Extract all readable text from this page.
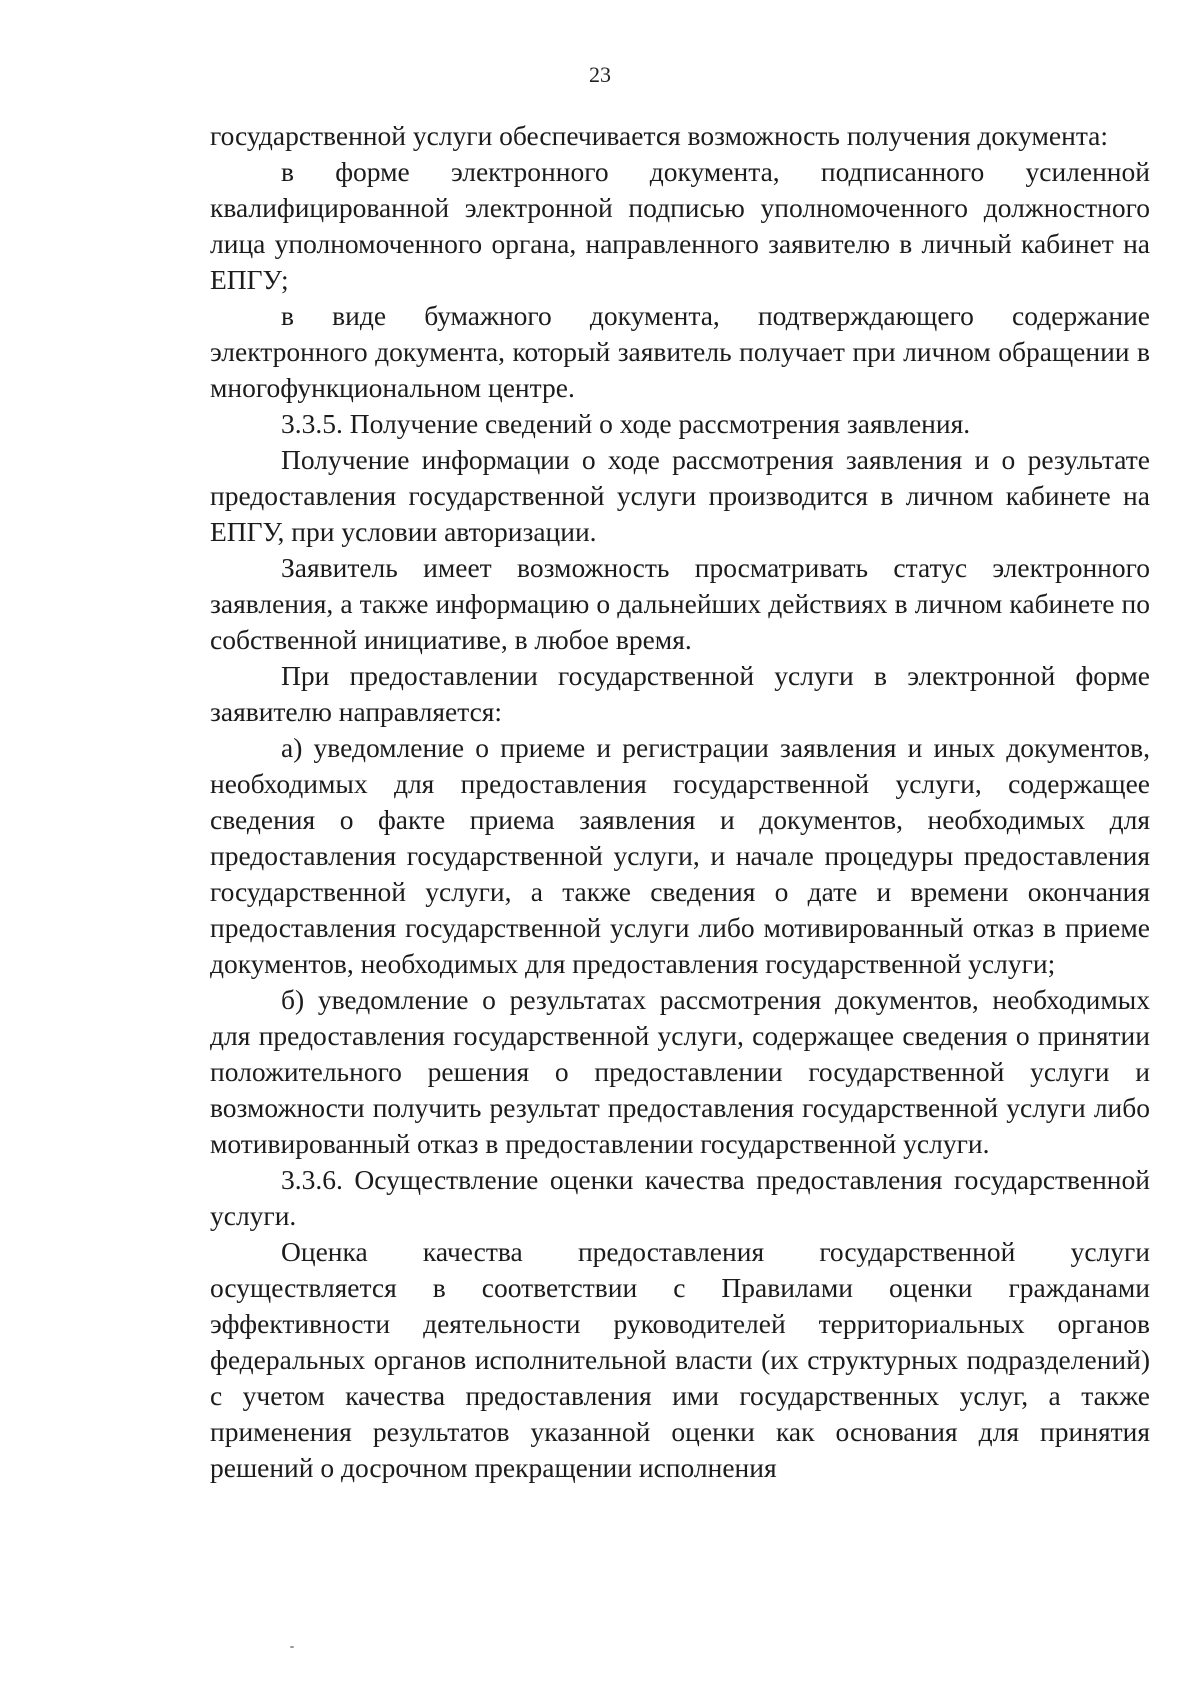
23

государственной услуги обеспечивается возможность получения документа:

в форме электронного документа, подписанного усиленной квалифицированной электронной подписью уполномоченного должностного лица уполномоченного органа, направленного заявителю в личный кабинет на ЕПГУ;

в виде бумажного документа, подтверждающего содержание электронного документа, который заявитель получает при личном обращении в многофункциональном центре.

3.3.5. Получение сведений о ходе рассмотрения заявления.

Получение информации о ходе рассмотрения заявления и о результате предоставления государственной услуги производится в личном кабинете на ЕПГУ, при условии авторизации.

Заявитель имеет возможность просматривать статус электронного заявления, а также информацию о дальнейших действиях в личном кабинете по собственной инициативе, в любое время.

При предоставлении государственной услуги в электронной форме заявителю направляется:

а) уведомление о приеме и регистрации заявления и иных документов, необходимых для предоставления государственной услуги, содержащее сведения о факте приема заявления и документов, необходимых для предоставления государственной услуги, и начале процедуры предоставления государственной услуги, а также сведения о дате и времени окончания предоставления государственной услуги либо мотивированный отказ в приеме документов, необходимых для предоставления государственной услуги;

б) уведомление о результатах рассмотрения документов, необходимых для предоставления государственной услуги, содержащее сведения о принятии положительного решения о предоставлении государственной услуги и возможности получить результат предоставления государственной услуги либо мотивированный отказ в предоставлении государственной услуги.

3.3.6. Осуществление оценки качества предоставления государственной услуги.

Оценка качества предоставления государственной услуги осуществляется в соответствии с Правилами оценки гражданами эффективности деятельности руководителей территориальных органов федеральных органов исполнительной власти (их структурных подразделений) с учетом качества предоставления ими государственных услуг, а также применения результатов указанной оценки как основания для принятия решений о досрочном прекращении исполнения
